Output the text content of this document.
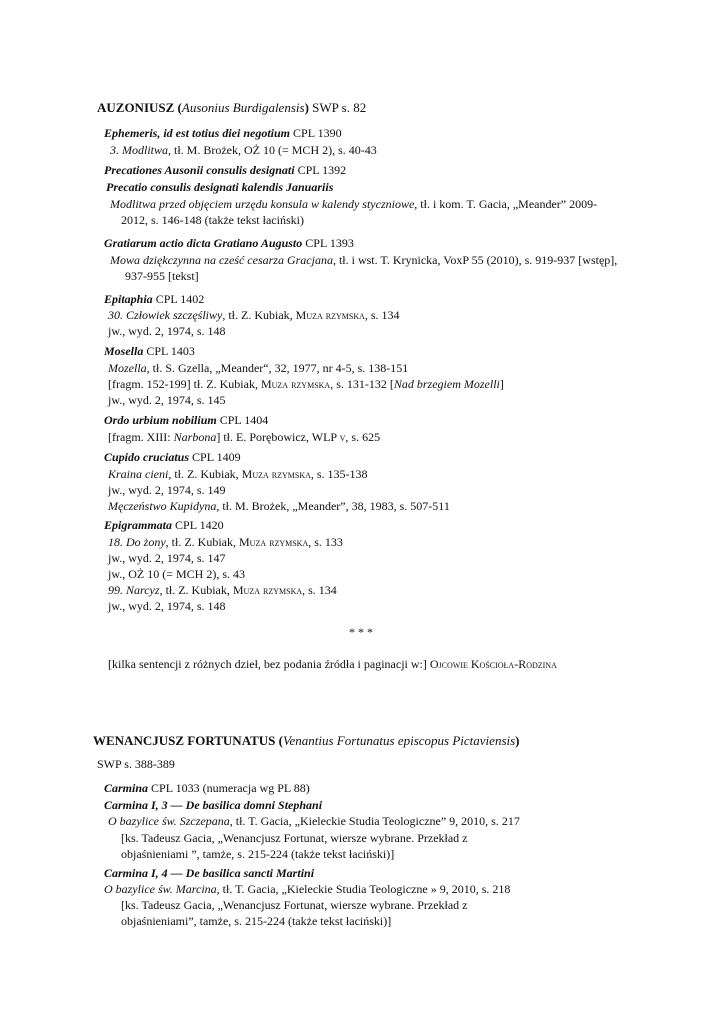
AUZONIUSZ (Ausonius Burdigalensis) SWP s. 82
Ephemeris, id est totius diei negotium CPL 1390
3. Modlitwa, tł. M. Brożek, OŻ 10 (= MCH 2), s. 40-43
Precationes Ausonii consulis designati CPL 1392
Precatio consulis designati kalendis Januariis
Modlitwa przed objęciem urzędu konsula w kalendy styczniowe, tł. i kom. T. Gacia, „Meander” 2009-
2012, s. 146-148 (także tekst łaciński)
Gratiarum actio dicta Gratiano Augusto CPL 1393
Mowa dziękczynna na cześć cesarza Gracjana, tł. i wst. T. Krynicka, VoxP 55 (2010), s. 919-937 [wstęp],
937-955 [tekst]
Epitaphia CPL 1402
30. Człowiek szczęśliwy, tł. Z. Kubiak, Muza rzymska, s. 134
jw., wyd. 2, 1974, s. 148
Mosella CPL 1403
Mozella, tł. S. Gzella, „Meander“, 32, 1977, nr 4-5, s. 138-151
[fragm. 152-199] tł. Z. Kubiak, Muza rzymska, s. 131-132 [Nad brzegiem Mozelli]
jw., wyd. 2, 1974, s. 145
Ordo urbium nobilium CPL 1404
[fragm. XIII: Narbona] tł. E. Porębowicz, WLP v, s. 625
Cupido cruciatus CPL 1409
Kraina cieni, tł. Z. Kubiak, Muza rzymska, s. 135-138
jw., wyd. 2, 1974, s. 149
Męczeństwo Kupidyna, tł. M. Brożek, „Meander”, 38, 1983, s. 507-511
Epigrammata CPL 1420
18. Do żony, tł. Z. Kubiak, Muza rzymska, s. 133
jw., wyd. 2, 1974, s. 147
jw., OŻ 10 (= MCH 2), s. 43
99. Narcyz, tł. Z. Kubiak, Muza rzymska, s. 134
jw., wyd. 2, 1974, s. 148
* * *
[kilka sentencji z różnych dzieł, bez podania źródła i paginacji w:] Ojcowie Kościoła-Rodzina
WENANCJUSZ FORTUNATUS (Venantius Fortunatus episcopus Pictaviensis)
SWP s. 388-389
Carmina CPL 1033 (numeracja wg PL 88)
Carmina I, 3 — De basilica domni Stephani
O bazylice św. Szczepana, tł. T. Gacia, „Kieleckie Studia Teologiczne” 9, 2010, s. 217
[ks. Tadeusz Gacia, „Wenancjusz Fortunat, wiersze wybrane. Przekład z
objaśnieniami ”, tamże, s. 215-224 (także tekst łaciński)]
Carmina I, 4 — De basilica sancti Martini
O bazylice św. Marcina, tł. T. Gacia, „Kieleckie Studia Teologiczne » 9, 2010, s. 218
[ks. Tadeusz Gacia, „Wenancjusz Fortunat, wiersze wybrane. Przekład z
objaśnieniami”, tamże, s. 215-224 (także tekst łaciński)]
